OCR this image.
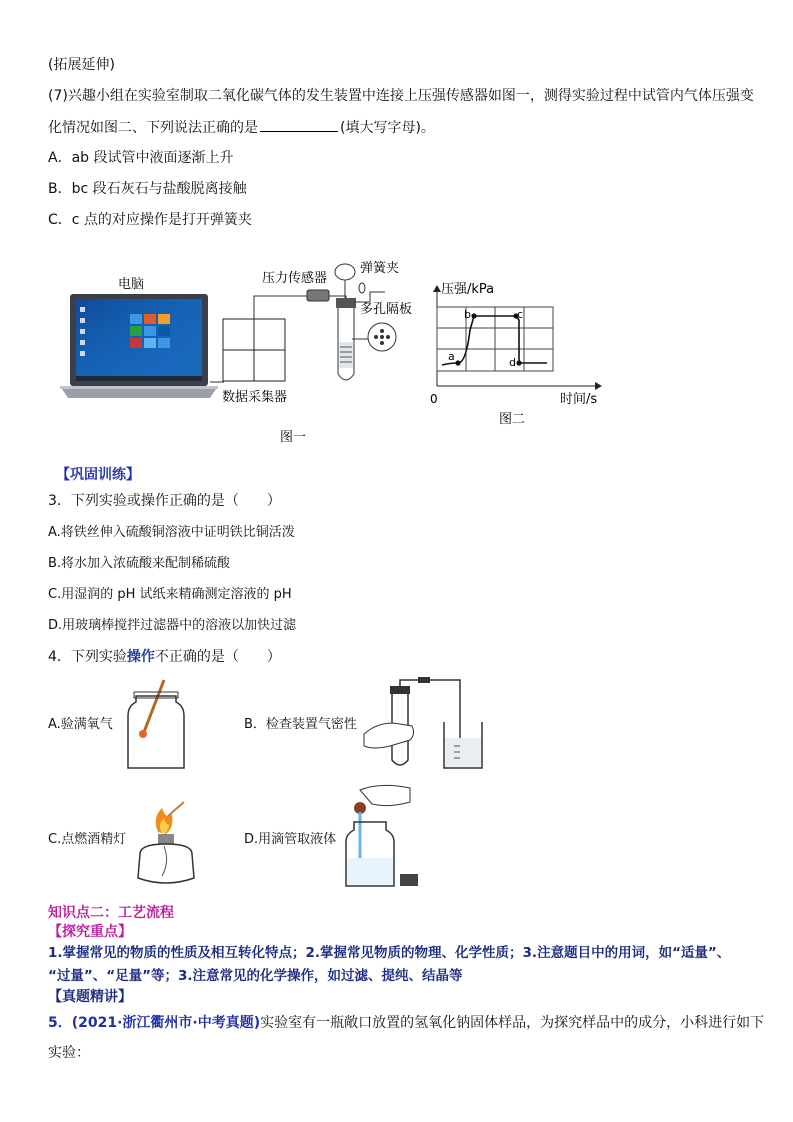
(拓展延伸)
(7)兴趣小组在实验室制取二氧化碳气体的发生装置中连接上压强传感器如图一，测得实验过程中试管内气体压强变
化情况如图二、下列说法正确的是	(填大写字母)。
A．ab 段试管中液面逐渐上升
B．bc 段石灰石与盐酸脱离接触
C．c 点的对应操作是打开弹簧夹
电脑
数据采集器
压力传感器
弹簧夹
多孔隔板
图一
压强/kPa
时间/s
0
图二
a
b	c
d
【巩固训练】
3．下列实验或操作正确的是（　　）
A.将铁丝伸入硫酸铜溶液中证明铁比铜活泼
B.将水加入浓硫酸来配制稀硫酸
C.用湿润的 pH 试纸来精确测定溶液的 pH
D.用玻璃棒搅拌过滤器中的溶液以加快过滤
4．下列实验操作不正确的是（　　）
A.验满氧气	B．检查装置气密性
C.点燃酒精灯	D.用滴管取液体
知识点二：工艺流程
【探究重点】
1.掌握常见的物质的性质及相互转化特点；2.掌握常见物质的物理、化学性质；3.注意题目中的用词，如“适量”、
“过量”、“足量”等；3.注意常见的化学操作，如过滤、提纯、结晶等
【真题精讲】
5．(2021·浙江衢州市·中考真题)实验室有一瓶敞口放置的氢氧化钠固体样品，为探究样品中的成分，小科进行如下
实验：
